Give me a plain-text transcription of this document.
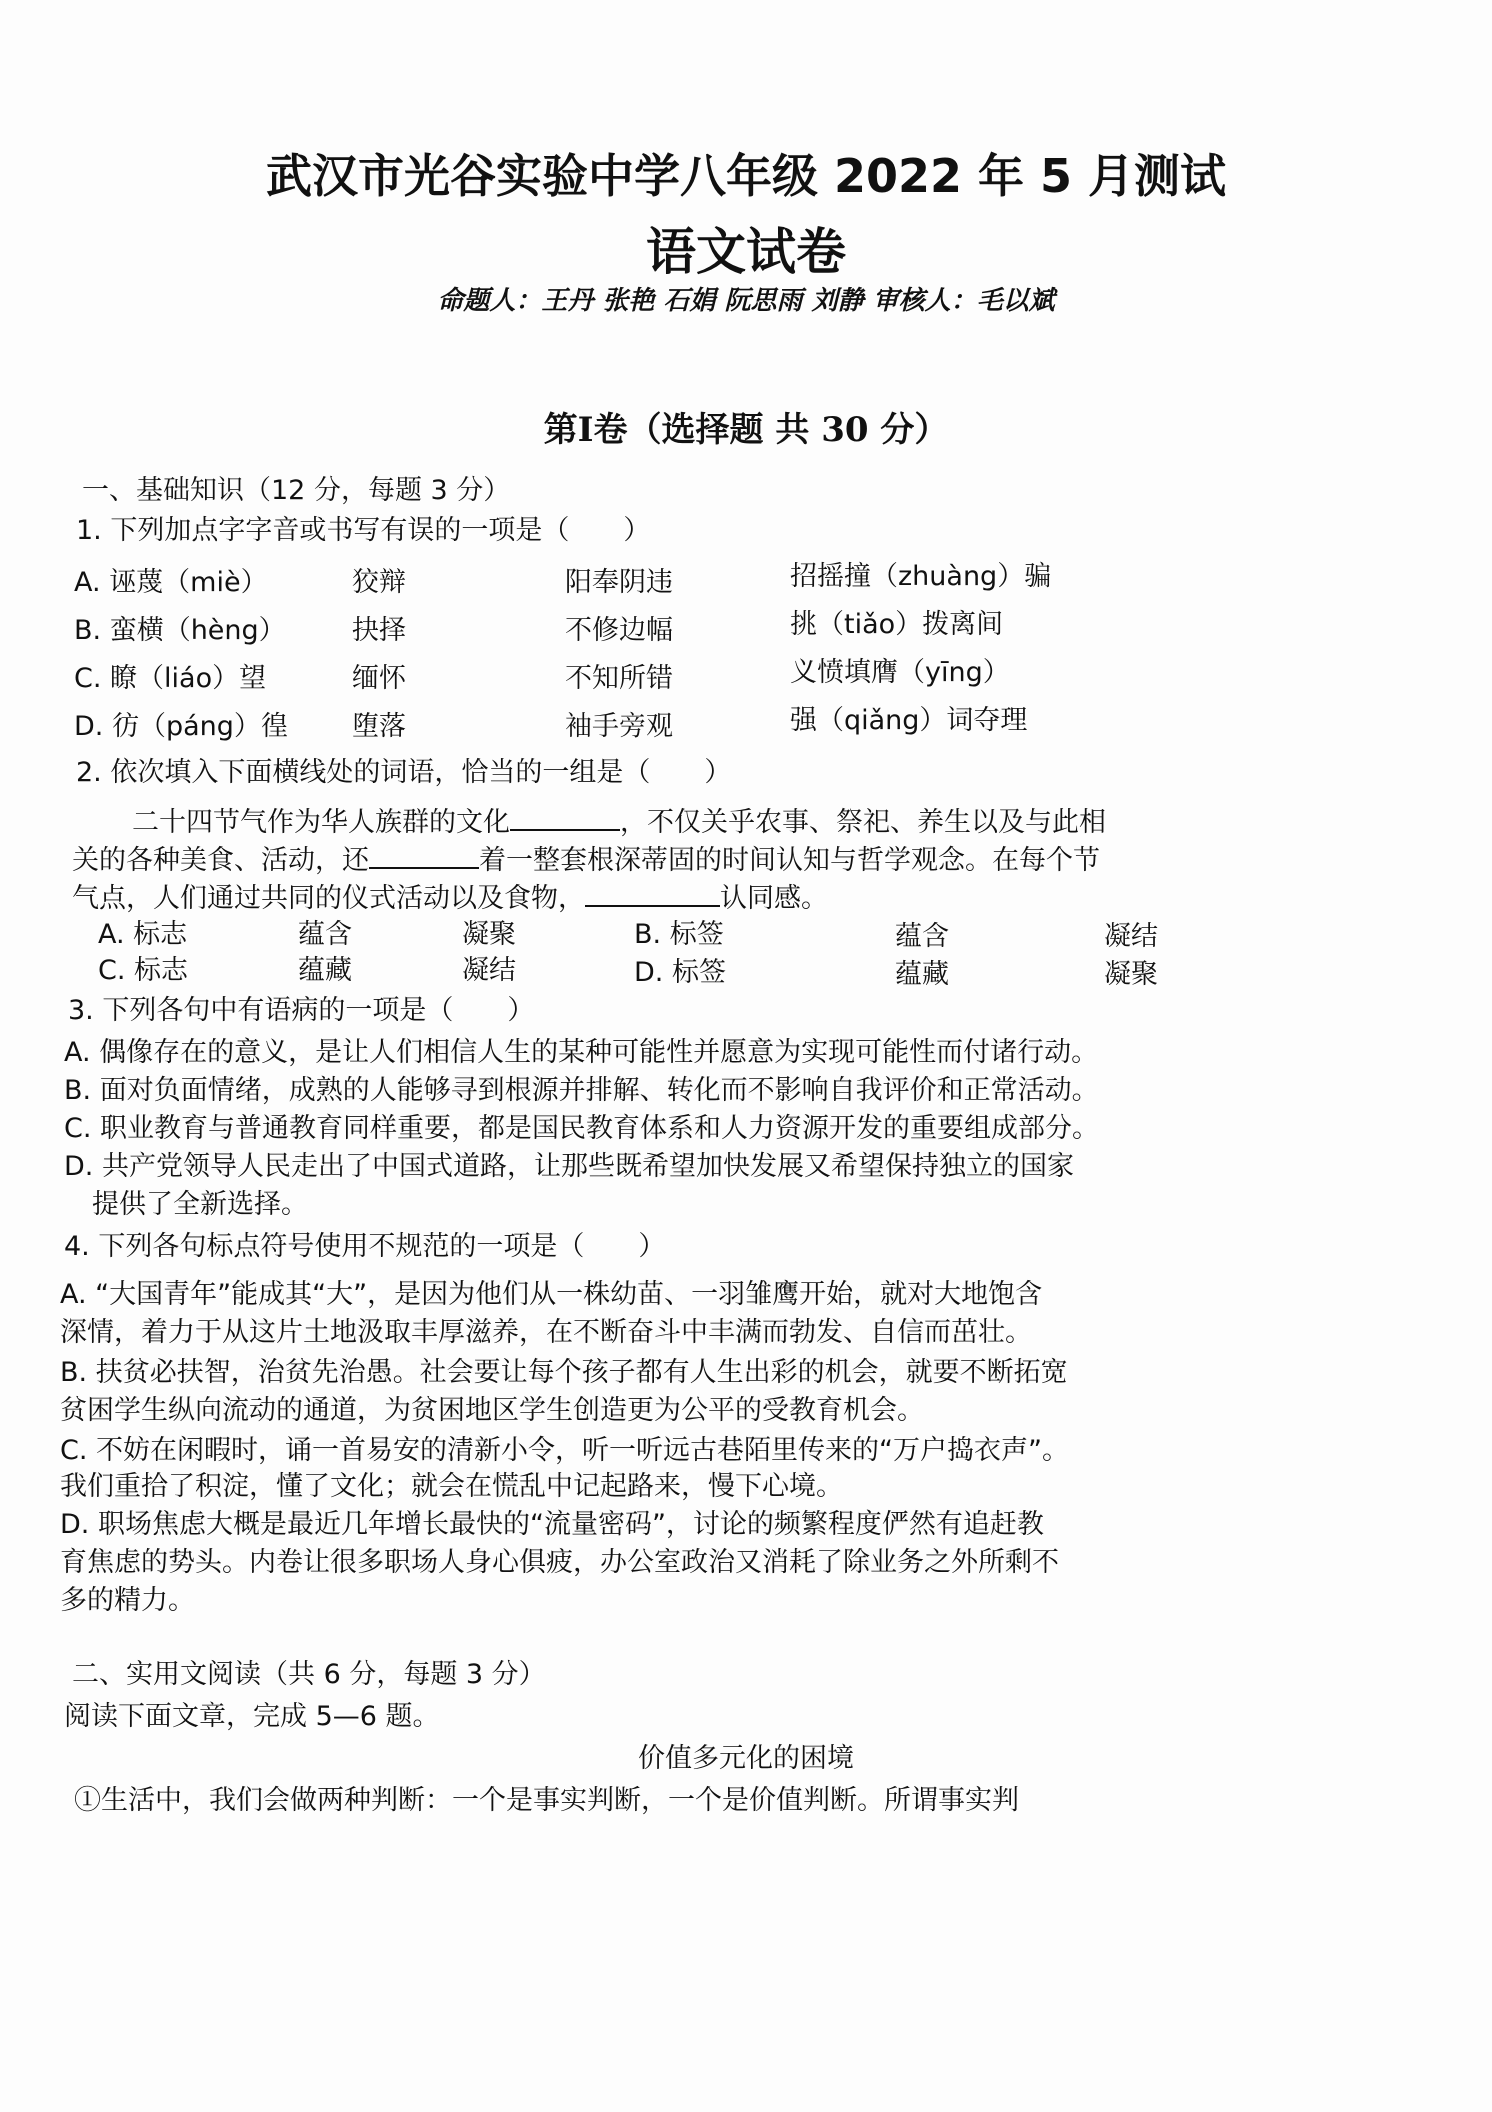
武汉市光谷实验中学八年级 2022 年 5 月测试
语文试卷
命题人：王丹 张艳 石娟 阮思雨 刘静 审核人：毛以斌
第Ⅰ卷（选择题 共 30 分）
一、基础知识（12 分，每题 3 分）
1. 下列加点字字音或书写有误的一项是（　　）
A. 诬蔑（miè）	狡辩	阳奉阴违	招摇撞（zhuàng）骗
B. 蛮横（hèng） 抉择	不修边幅	挑（tiǎo）拨离间
C. 瞭（liáo）望	缅怀	不知所错	义愤填膺（yīng）
D. 彷（páng）徨 堕落	袖手旁观	强（qiǎng）词夺理
2. 依次填入下面横线处的词语，恰当的一组是（　　）
二十四节气作为华人族群的文化	，不仅关乎农事、祭祀、养生以及与此相
关的各种美食、活动，还	着一整套根深蒂固的时间认知与哲学观念。在每个节
气点，人们通过共同的仪式活动以及食物，	认同感。
A. 标志	蕴含	凝聚	B. 标签	蕴含	凝结
C. 标志	蕴藏	凝结	D. 标签	蕴藏	凝聚
3. 下列各句中有语病的一项是（　　）
A. 偶像存在的意义，是让人们相信人生的某种可能性并愿意为实现可能性而付诸行动。
B. 面对负面情绪，成熟的人能够寻到根源并排解、转化而不影响自我评价和正常活动。
C. 职业教育与普通教育同样重要，都是国民教育体系和人力资源开发的重要组成部分。
D. 共产党领导人民走出了中国式道路，让那些既希望加快发展又希望保持独立的国家
提供了全新选择。
4. 下列各句标点符号使用不规范的一项是（　　）
A. “大国青年”能成其“大”，是因为他们从一株幼苗、一羽雏鹰开始，就对大地饱含
深情，着力于从这片土地汲取丰厚滋养，在不断奋斗中丰满而勃发、自信而茁壮。
B. 扶贫必扶智，治贫先治愚。社会要让每个孩子都有人生出彩的机会，就要不断拓宽
贫困学生纵向流动的通道，为贫困地区学生创造更为公平的受教育机会。
C. 不妨在闲暇时，诵一首易安的清新小令，听一听远古巷陌里传来的“万户捣衣声”。
我们重拾了积淀，懂了文化；就会在慌乱中记起路来，慢下心境。
D. 职场焦虑大概是最近几年增长最快的“流量密码”，讨论的频繁程度俨然有追赶教
育焦虑的势头。内卷让很多职场人身心俱疲，办公室政治又消耗了除业务之外所剩不
多的精力。
二、实用文阅读（共 6 分，每题 3 分）
阅读下面文章，完成 5—6 题。
价值多元化的困境
①生活中，我们会做两种判断：一个是事实判断，一个是价值判断。所谓事实判
